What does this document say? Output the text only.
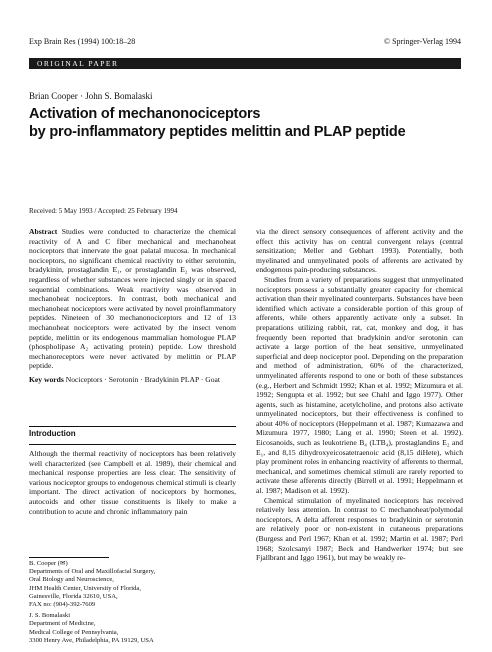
Exp Brain Res (1994) 100:18–28	© Springer-Verlag 1994
ORIGINAL PAPER
Brian Cooper · John S. Bomalaski
Activation of mechanonociceptors
by pro-inflammatory peptides melittin and PLAP peptide
Received: 5 May 1993 / Accepted: 25 February 1994

Abstract Studies were conducted to characterize the chemical reactivity of A and C fiber mechanical and mechanoheat nociceptors that innervate the goat palatal mucosa. In mechanical nociceptors, no significant chemical reactivity to either serotonin, bradykinin, prostaglandin E₁, or prostaglandin E₂ was observed, regardless of whether substances were injected singly or in spaced sequential combinations. Weak reactivity was observed in mechanoheat nociceptors. In contrast, both mechanical and mechanoheat nociceptors were activated by novel proinflammatory peptides. Nineteen of 30 mechanonociceptors and 12 of 13 mechanoheat nociceptors were activated by the insect venom peptide, melittin or its endogenous mammalian homologue PLAP (phospholipase A₂ activating protein) peptide. Low threshold mechanoreceptors were never activated by melittin or PLAP peptide.

Key words Nociceptors · Serotonin · Bradykinin PLAP · Goat

Introduction

Although the thermal reactivity of nociceptors has been relatively well characterized (see Campbell et al. 1989), their chemical and mechanical response properties are less clear. The sensitivity of various nociceptor groups to endogenous chemical stimuli is clearly important. The direct activation of nociceptors by hormones, autocoids and other tissue constituents is likely to make a contribution to acute and chronic inflammatory pain

B. Cooper (✉)
Departments of Oral and Maxillofacial Surgery,
Oral Biology and Neuroscience,
JHM Health Center, University of Florida,
Gainesville, Florida 32610, USA,
FAX no: (904)-392-7609
J. S. Bomalaski
Department of Medicine,
Medical College of Pennsylvania,
3300 Henry Ave, Philadelphia, PA 19129, USA

via the direct sensory consequences of afferent activity and the effect this activity has on central convergent relays (central sensitization; Meller and Gebhart 1993). Potentially, both myelinated and unmyelinated pools of afferents are activated by endogenous pain-producing substances.

Studies from a variety of preparations suggest that unmyelinated nociceptors possess a substantially greater capacity for chemical activation than their myelinated counterparts. Substances have been identified which activate a considerable portion of this group of afferents, while others apparently activate only a subset. In preparations utilizing rabbit, rat, cat, monkey and dog, it has frequently been reported that bradykinin and/or serotonin can activate a large portion of the heat sensitive, unmyelinated superficial and deep nociceptor pool. Depending on the preparation and method of administration, 60% of the characterized, unmyelinated afferents respond to one or both of these substances (e.g., Herbert and Schmidt 1992; Khan et al. 1992; Mizumura et al. 1992; Sengupta et al. 1992; but see Chahl and Iggo 1977). Other agents, such as histamine, acetylcholine, and protons also activate unmyelinated nociceptors, but their effectiveness is confined to about 40% of nociceptors (Heppelmann et al. 1987; Kumazawa and Mizumura 1977, 1980; Lang et al. 1990; Steen et al. 1992). Eicosanoids, such as leukotriene B₄ (LTB₄), prostaglandins E₂ and E₁, and 8,15 dihydroxyeicosatetraenoic acid (8,15 diHete), which play prominent roles in enhancing reactivity of afferents to thermal, mechanical, and sometimes chemical stimuli are rarely reported to activate these afferents directly (Birrell et al. 1991; Heppelmann et al. 1987; Madison et al. 1992).

Chemical stimulation of myelinated nociceptors has received relatively less attention. In contrast to C mechanoheat/polymodal nociceptors, A delta afferent responses to bradykinin or serotonin are relatively poor or non-existent in cutaneous preparations (Burgess and Perl 1967; Khan et al. 1992; Martin et al. 1987; Perl 1968; Szolcsanyi 1987; Beck and Handwerker 1974; but see Fjallbrant and Iggo 1961), but may be weakly re-
